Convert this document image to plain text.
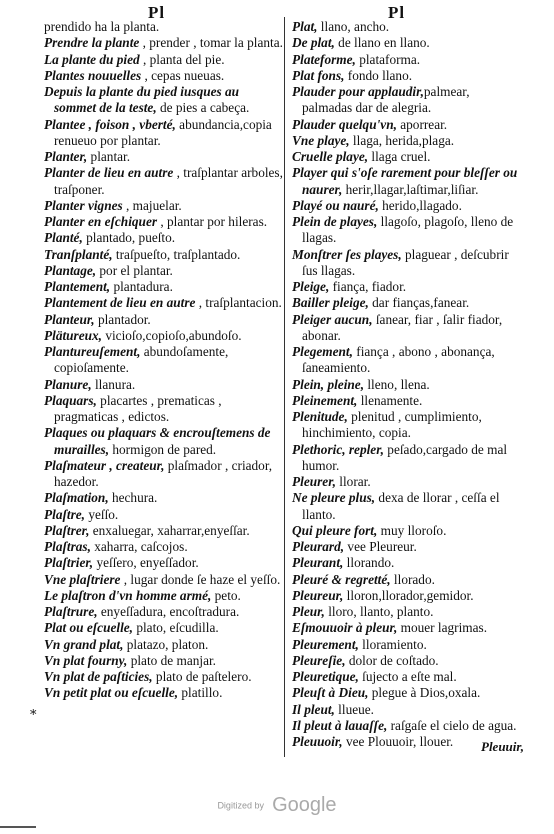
Pl	Pl

prendido ha la planta.

Prendre la plante , prender , tomar la planta.

La plante du pied , planta del pie.

Plantes nouuelles , cepas nueuas.

Depuis la plante du pied iusques au sommet de la teste, de pies a cabeça.

Plantee , foison , vberté, abundancia,copia renueuo por plantar.

Planter, plantar.

Planter de lieu en autre , traſplantar arboles, traſponer.

Planter vignes , majuelar.

Planter en eſchiquer , plantar por hileras.

Planté, plantado, pueſto.

Tranſplanté, traſpueſto, traſplantado.

Plantage, por el plantar.

Plantement, plantadura.

Plantement de lieu en autre , traſplantacion.

Planteur, plantador.

Plätureux, vicioſo,copioſo,abundoſo.

Plantureuſement, abundoſamente, copioſamente.

Planure, llanura.

Plaquars, placartes , prematicas , pragmaticas , edictos.

Plaques ou plaquars & encrouſtemens de murailles, hormigon de pared.

Plaſmateur , createur, plaſmador , criador, hazedor.

Plaſmation, hechura.

Plaſtre, yeſſo.

Plaſtrer, enxaluegar, xaharrar,enyeſſar.

Plaſtras, xaharra, caſcojos.

Plaſtrier, yeſſero, enyeſſador.

Vne plaſtriere , lugar donde ſe haze el yeſſo.

Le plaſtron d'vn homme armé, peto.

Plaſtrure, enyeſſadura, encoſtradura.

Plat ou eſcuelle, plato, eſcudilla.

Vn grand plat, platazo, platon.

Vn plat fourny, plato de manjar.

Vn plat de paſticies, plato de paſtelero.

Vn petit plat ou eſcuelle, platillo.

Plat, llano, ancho.

De plat, de llano en llano.

Plateforme, plataforma.

Plat fons, fondo llano.

Plauder pour applaudir,palmear, palmadas dar de alegria.

Plauder quelqu'vn, aporrear.

Vne playe, llaga, herida,plaga.

Cruelle playe, llaga cruel.

Player qui s'oſe rarement pour bleſſer ou naurer, herir,llagar,laſtimar,liſiar.

Playé ou nauré, herido,llagado.

Plein de playes, llagoſo, plagoſo, lleno de llagas.

Monſtrer ſes playes, plaguear , deſcubrir ſus llagas.

Pleige, fiança, fiador.

Bailler pleige, dar fianças,fanear.

Pleiger aucun, ſanear, fiar , ſalir fiador, abonar.

Plegement, fiança , abono , abonança, ſaneamiento.

Plein, pleine, lleno, llena.

Pleinement, llenamente.

Plenitude, plenitud , cumplimiento, hinchimiento, copia.

Plethoric, repler, peſado,cargado de mal humor.

Pleurer, llorar.

Ne pleure plus, dexa de llorar , ceſſa el llanto.

Qui pleure fort, muy lloroſo.

Pleurard, vee Pleureur.

Pleurant, llorando.

Pleuré & regretté, llorado.

Pleureur, lloron,llorador,gemidor.

Pleur, lloro, llanto, planto.

Eſmouuoir à pleur, mouer lagrimas.

Pleurement, lloramiento.

Pleureſie, dolor de coſtado.

Pleuretique, ſujecto a eſte mal.

Pleuſt à Dieu, plegue à Dios,oxala.

Il pleut, llueue.

Il pleut à lauaſſe, raſgaſe el cielo de agua.

Pleuuoir, vee Plouuoir, llouer.

*
Pleuuir,
Digitized by Google
